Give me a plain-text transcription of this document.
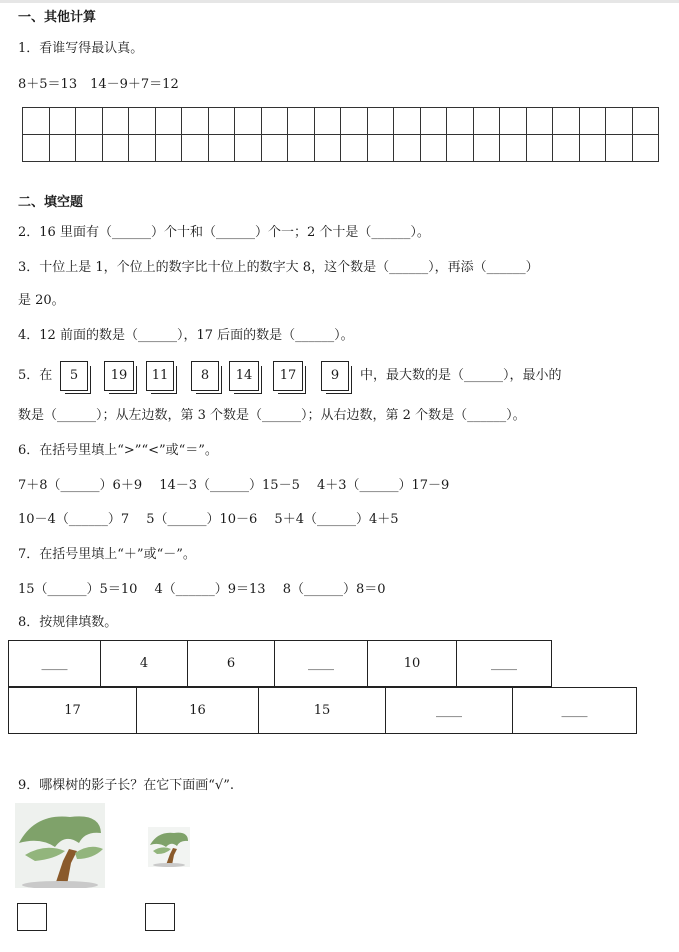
一、其他计算
1．看谁写得最认真。
8＋5＝13　14－9＋7＝12

二、填空题
2．16 里面有（______）个十和（______）个一；2 个十是（______）。
3．十位上是 1，个位上的数字比十位上的数字大 8，这个数是（______），再添（______）
是 20。
4．12 前面的数是（______），17 后面的数是（______）。
5．在	5	19	11	8	14	17	9	中，最大数的是（______），最小的
数是（______）；从左边数，第 3 个数是（______）；从右边数，第 2 个数是（______）。
6．在括号里填上“>”“<”或“＝”。
7＋8（______）6＋9　 14－3（______）15－5　 4＋3（______）17－9
10－4（______）7　 5（______）10－6　 5＋4（______）4＋5
7．在括号里填上“＋”或“－”。
15（______）5＝10　 4（______）9＝13　 8（______）8＝0
8．按规律填数。
____	4	6	____	10	____
17	16	15	____	____
9．哪棵树的影子长？在它下面画“√”.
